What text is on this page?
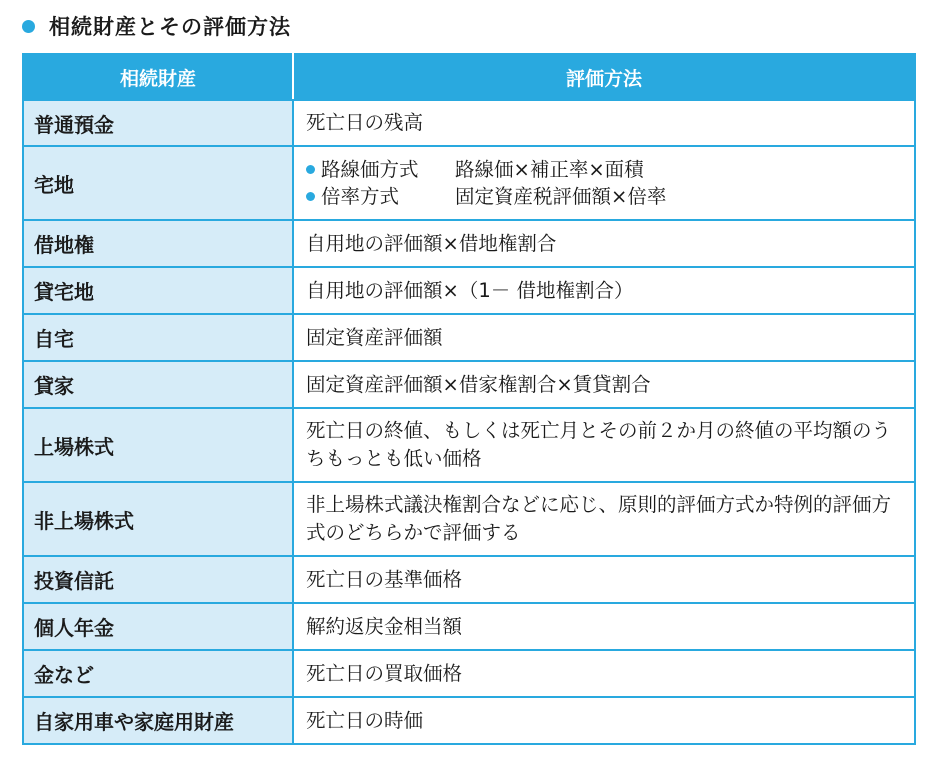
相続財産とその評価方法
相続財産	評価方法
普通預金	死亡日の残高
宅地	路線価方式 路線価×補正率×面積
倍率方式 固定資産税評価額×倍率

借地権	自用地の評価額×借地権割合
貸宅地	自用地の評価額×（1－ 借地権割合）
自宅	固定資産評価額
貸家	固定資産評価額×借家権割合×賃貸割合
上場株式	死亡日の終値、もしくは死亡月とその前２か月の終値の平均額のうちもっとも低い価格
非上場株式	非上場株式議決権割合などに応じ、原則的評価方式か特例的評価方式のどちらかで評価する
投資信託	死亡日の基準価格
個人年金	解約返戻金相当額
金など	死亡日の買取価格
自家用車や家庭用財産	死亡日の時価
